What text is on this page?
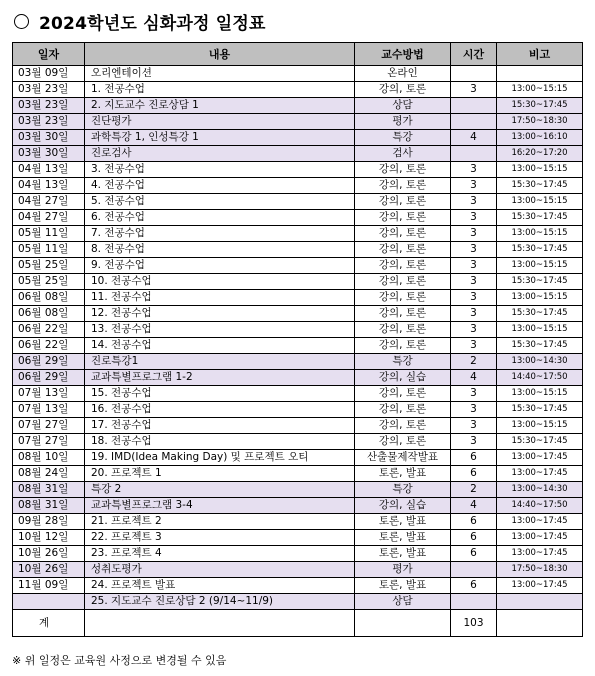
2024학년도 심화과정 일정표
일자	내용	교수방법	시간	비고
03월 09일	오리엔테이션	온라인		
03월 23일	1. 전공수업	강의, 토론	3	13:00~15:15
03월 23일	2. 지도교수 진로상담 1	상담		15:30~17:45
03월 23일	진단평가	평가		17:50~18:30
03월 30일	과학특강 1, 인성특강 1	특강	4	13:00~16:10
03월 30일	진로검사	검사		16:20~17:20
04월 13일	3. 전공수업	강의, 토론	3	13:00~15:15
04월 13일	4. 전공수업	강의, 토론	3	15:30~17:45
04월 27일	5. 전공수업	강의, 토론	3	13:00~15:15
04월 27일	6. 전공수업	강의, 토론	3	15:30~17:45
05월 11일	7. 전공수업	강의, 토론	3	13:00~15:15
05월 11일	8. 전공수업	강의, 토론	3	15:30~17:45
05월 25일	9. 전공수업	강의, 토론	3	13:00~15:15
05월 25일	10. 전공수업	강의, 토론	3	15:30~17:45
06월 08일	11. 전공수업	강의, 토론	3	13:00~15:15
06월 08일	12. 전공수업	강의, 토론	3	15:30~17:45
06월 22일	13. 전공수업	강의, 토론	3	13:00~15:15
06월 22일	14. 전공수업	강의, 토론	3	15:30~17:45
06월 29일	진로특강1	특강	2	13:00~14:30
06월 29일	교과특별프로그램 1-2	강의, 실습	4	14:40~17:50
07월 13일	15. 전공수업	강의, 토론	3	13:00~15:15
07월 13일	16. 전공수업	강의, 토론	3	15:30~17:45
07월 27일	17. 전공수업	강의, 토론	3	13:00~15:15
07월 27일	18. 전공수업	강의, 토론	3	15:30~17:45
08월 10일	19. IMD(Idea Making Day) 및 프로젝트 오티	산출물제작발표	6	13:00~17:45
08월 24일	20. 프로젝트 1	토론, 발표	6	13:00~17:45
08월 31일	특강 2	특강	2	13:00~14:30
08월 31일	교과특별프로그램 3-4	강의, 실습	4	14:40~17:50
09월 28일	21. 프로젝트 2	토론, 발표	6	13:00~17:45
10월 12일	22. 프로젝트 3	토론, 발표	6	13:00~17:45
10월 26일	23. 프로젝트 4	토론, 발표	6	13:00~17:45
10월 26일	성취도평가	평가		17:50~18:30
11월 09일	24. 프로젝트 발표	토론, 발표	6	13:00~17:45
	25. 지도교수 진로상담 2 (9/14~11/9)	상담		
계			103	
※ 위 일정은 교육원 사정으로 변경될 수 있음
